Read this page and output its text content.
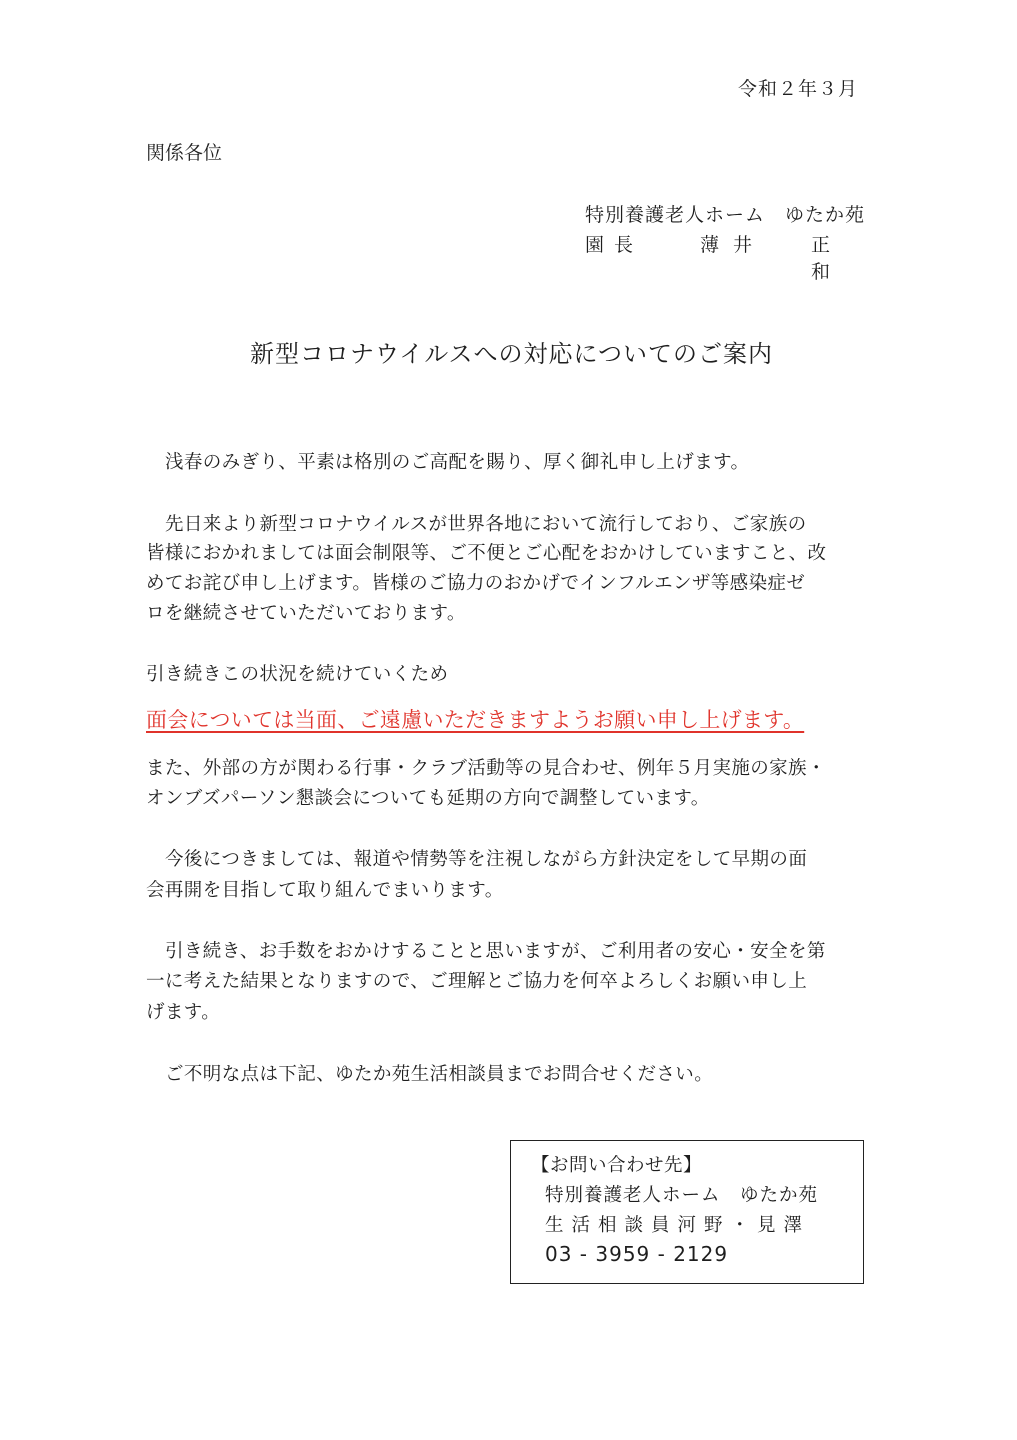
令和２年３月
関係各位
特別養護老人ホーム　ゆたか苑
園長	薄井 正和
新型コロナウイルスへの対応についてのご案内
浅春のみぎり、平素は格別のご高配を賜り、厚く御礼申し上げます。
先日来より新型コロナウイルスが世界各地において流行しており、ご家族の
皆様におかれましては面会制限等、ご不便とご心配をおかけしていますこと、改
めてお詫び申し上げます。皆様のご協力のおかげでインフルエンザ等感染症ゼ
ロを継続させていただいております。
引き続きこの状況を続けていくため
面会については当面、ご遠慮いただきますようお願い申し上げます。
また、外部の方が関わる行事・クラブ活動等の見合わせ、例年５月実施の家族・
オンブズパーソン懇談会についても延期の方向で調整しています。
今後につきましては、報道や情勢等を注視しながら方針決定をして早期の面
会再開を目指して取り組んでまいります。
引き続き、お手数をおかけすることと思いますが、ご利用者の安心・安全を第
一に考えた結果となりますので、ご理解とご協力を何卒よろしくお願い申し上
げます。
ご不明な点は下記、ゆたか苑生活相談員までお問合せください。
【お問い合わせ先】
特別養護老人ホーム　ゆたか苑
生活相談員河野・見澤
03 - 3959 - 2129
